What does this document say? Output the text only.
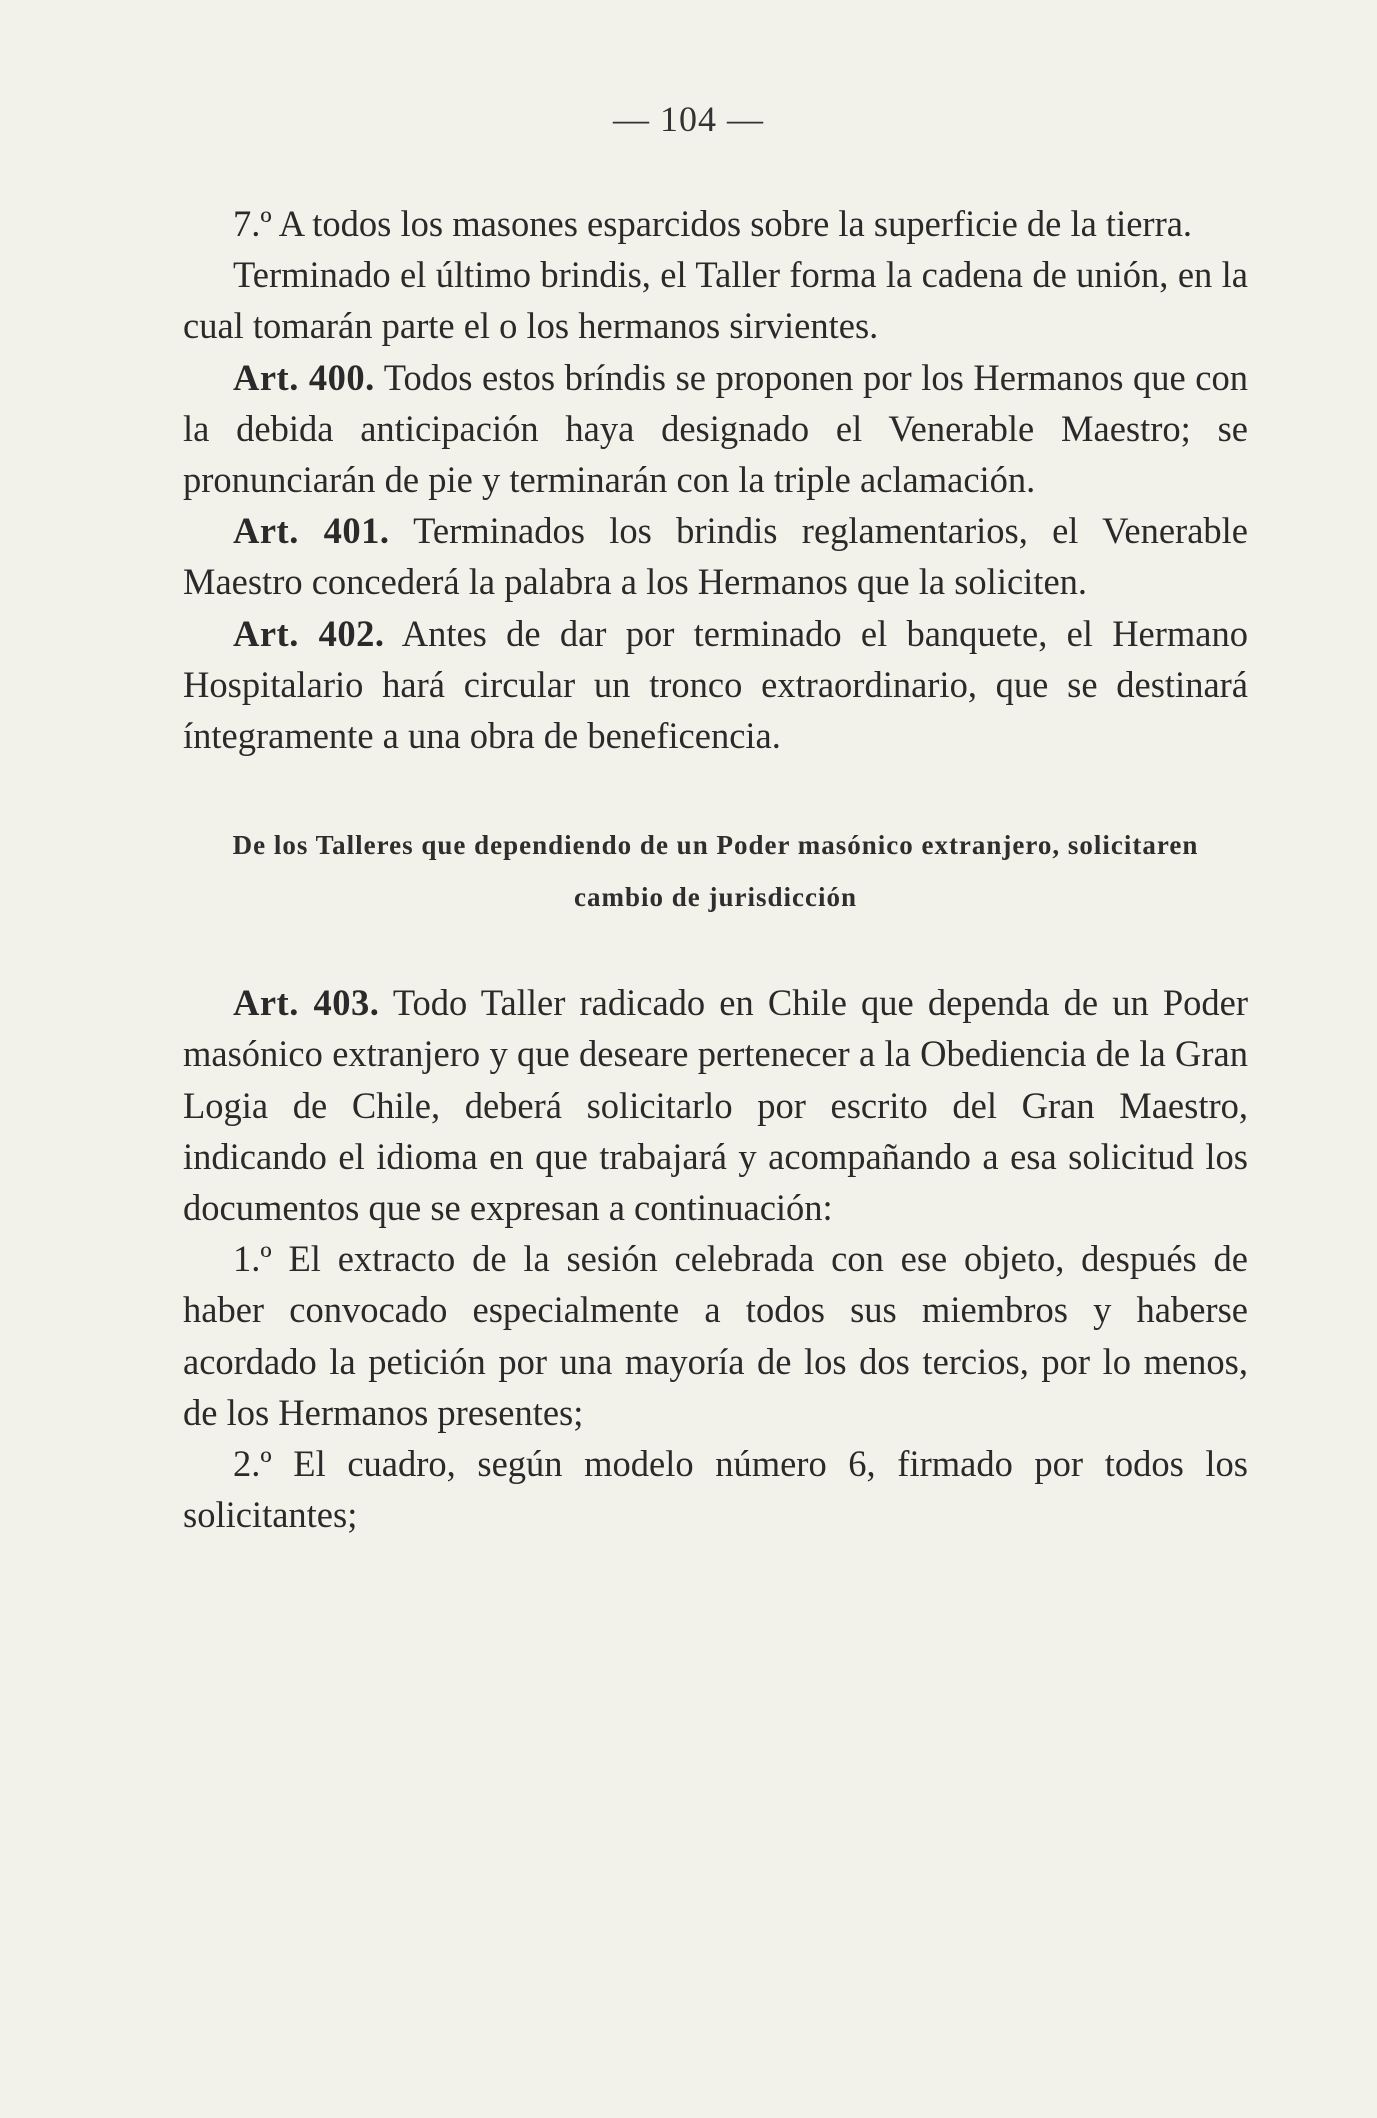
— 104 —

7.º A todos los masones esparcidos sobre la superficie de la tierra.

Terminado el último brindis, el Taller forma la cadena de unión, en la cual tomarán parte el o los hermanos sirvientes.

Art. 400. Todos estos bríndis se proponen por los Hermanos que con la debida anticipación haya designado el Venerable Maestro; se pronunciarán de pie y terminarán con la triple aclamación.

Art. 401. Terminados los brindis reglamentarios, el Venerable Maestro concederá la palabra a los Hermanos que la soliciten.

Art. 402. Antes de dar por terminado el banquete, el Hermano Hospitalario hará circular un tronco extraordinario, que se destinará íntegramente a una obra de beneficencia.

De los Talleres que dependiendo de un Poder masónico extranjero, solicitaren cambio de jurisdicción

Art. 403. Todo Taller radicado en Chile que dependa de un Poder masónico extranjero y que deseare pertenecer a la Obediencia de la Gran Logia de Chile, deberá solicitarlo por escrito del Gran Maestro, indicando el idioma en que trabajará y acompañando a esa solicitud los documentos que se expresan a continuación:

1.º El extracto de la sesión celebrada con ese objeto, después de haber convocado especialmente a todos sus miembros y haberse acordado la petición por una mayoría de los dos tercios, por lo menos, de los Hermanos presentes;

2.º El cuadro, según modelo número 6, firmado por todos los solicitantes;
